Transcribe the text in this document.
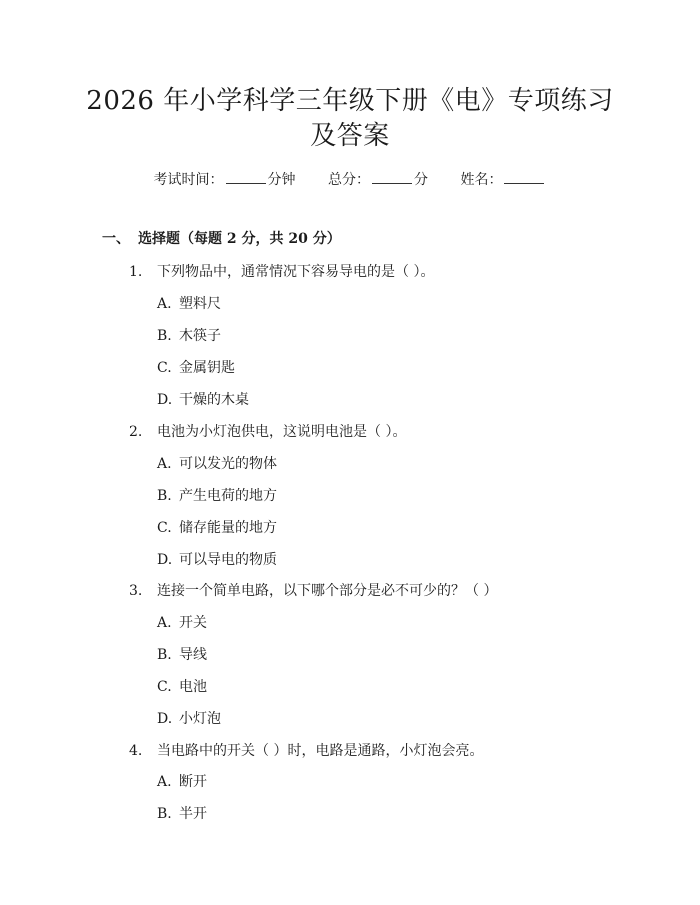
2026 年小学科学三年级下册《电》专项练习
及答案
考试时间：	分钟 总分：	分 姓名：
一、 选择题（每题 2 分，共 20 分）
1. 下列物品中，通常情况下容易导电的是（ ）。
A. 塑料尺
B. 木筷子
C. 金属钥匙
D. 干燥的木桌
2. 电池为小灯泡供电，这说明电池是（ ）。
A. 可以发光的物体
B. 产生电荷的地方
C. 储存能量的地方
D. 可以导电的物质
3. 连接一个简单电路，以下哪个部分是必不可少的？（ ）
A. 开关
B. 导线
C. 电池
D. 小灯泡
4. 当电路中的开关（ ）时，电路是通路，小灯泡会亮。
A. 断开
B. 半开
